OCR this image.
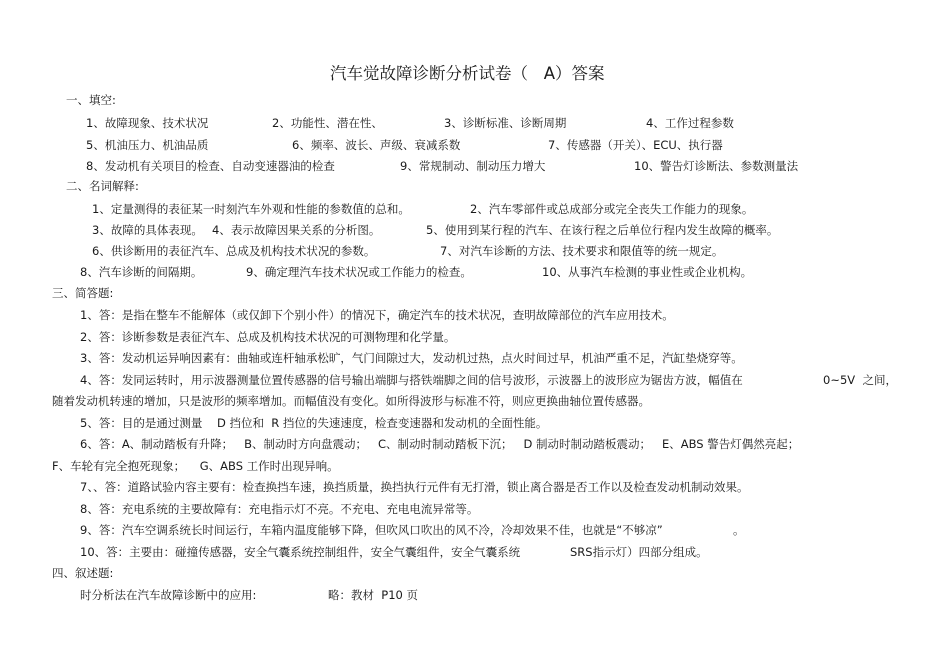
汽车觉故障诊断分析试卷（   A）答案
一、填空:
1、故障现象、技术状况	2、功能性、潜在性、	3、诊断标准、诊断周期	4、工作过程参数
5、机油压力、机油品质	6、频率、波长、声级、衰减系数	7、传感器（开关）、ECU、执行器
8、发动机有关项目的检查、自动变速器油的检查	9、常规制动、制动压力增大	10、警告灯诊断法、参数测量法
二、名词解释:
1、定量测得的表征某一时刻汽车外观和性能的参数值的总和。	2、汽车零部件或总成部分或完全丧失工作能力的现象。
3、故障的具体表现。 4、表示故障因果关系的分析图。	5、使用到某行程的汽车、在该行程之后单位行程内发生故障的概率。
6、供诊断用的表征汽车、总成及机构技术状况的参数。	7、对汽车诊断的方法、技术要求和限值等的统一规定。
8、汽车诊断的间隔期。	9、确定理汽车技术状况或工作能力的检查。	10、从事汽车检测的事业性或企业机构。
三、简答题:
1、答：是指在整车不能解体（或仅卸下个别小件）的情况下，确定汽车的技术状况，查明故障部位的汽车应用技术。
2、答：诊断参数是表征汽车、总成及机构技术状况的可测物理和化学量。
3、答：发动机运异响因素有：曲轴或连杆轴承松旷，气门间隙过大，发动机过热，点火时间过早，机油严重不足，汽缸垫烧穿等。
4、答：发同运转时，用示波器测量位置传感器的信号输出端脚与搭铁端脚之间的信号波形，示波器上的波形应为锯齿方波，幅值在	0~5V  之间，
随着发动机转速的增加，只是波形的频率增加。而幅值没有变化。如所得波形与标准不符，则应更换曲轴位置传感器。
5、答：目的是通过测量    D 挡位和  R 挡位的失速速度，检查变速器和发动机的全面性能。
6、答：A、制动踏板有升降；   B、制动时方向盘震动；   C、制动时制动踏板下沉；   D 制动时制动踏板震动；   E、ABS 警告灯偶然亮起；
F、车轮有完全抱死现象；    G、ABS 工作时出现异响。
7、、答：道路试验内容主要有：检查换挡车速，换挡质量，换挡执行元件有无打滑，锁止离合器是否工作以及检查发动机制动效果。
8、答：充电系统的主要故障有：充电指示灯不亮。不充电、充电电流异常等。
9、答：汽车空调系统长时间运行，车箱内温度能够下降，但吹风口吹出的风不冷，冷却效果不佳，也就是“不够凉”	。
10、答：主要由：碰撞传感器，安全气囊系统控制组件，安全气囊组件，安全气囊系统	SRS指示灯）四部分组成。
四、叙述题:
时分析法在汽车故障诊断中的应用:	略：教材  P10 页
